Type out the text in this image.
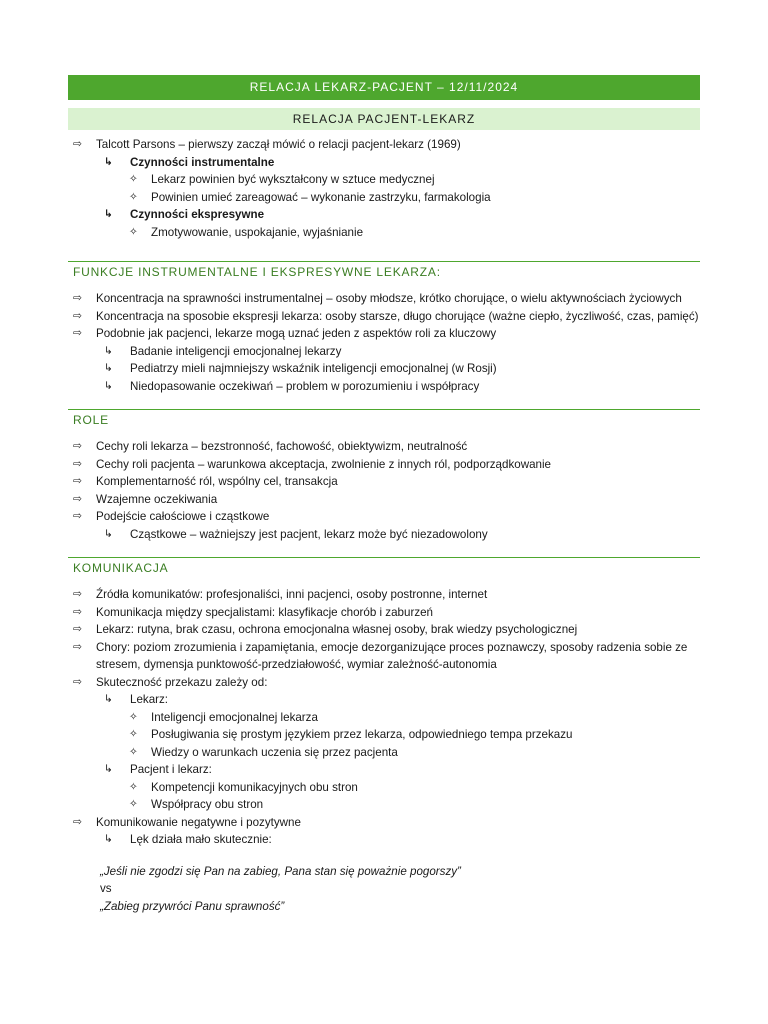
RELACJA LEKARZ-PACJENT – 12/11/2024
RELACJA PACJENT-LEKARZ
⇨ Talcott Parsons – pierwszy zaczął mówić o relacji pacjent-lekarz (1969)
↳ Czynności instrumentalne
✧ Lekarz powinien być wykształcony w sztuce medycznej
✧ Powinien umieć zareagować – wykonanie zastrzyku, farmakologia
↳ Czynności ekspresywne
✧ Zmotywowanie, uspokajanie, wyjaśnianie
FUNKCJE INSTRUMENTALNE I EKSPRESYWNE LEKARZA:
⇨ Koncentracja na sprawności instrumentalnej – osoby młodsze, krótko chorujące, o wielu aktywnościach życiowych
⇨ Koncentracja na sposobie ekspresji lekarza: osoby starsze, długo chorujące (ważne ciepło, życzliwość, czas, pamięć)
⇨ Podobnie jak pacjenci, lekarze mogą uznać jeden z aspektów roli za kluczowy
↳ Badanie inteligencji emocjonalnej lekarzy
↳ Pediatrzy mieli najmniejszy wskaźnik inteligencji emocjonalnej (w Rosji)
↳ Niedopasowanie oczekiwań – problem w porozumieniu i współpracy
ROLE
⇨ Cechy roli lekarza – bezstronność, fachowość, obiektywizm, neutralność
⇨ Cechy roli pacjenta – warunkowa akceptacja, zwolnienie z innych ról, podporządkowanie
⇨ Komplementarność ról, wspólny cel, transakcja
⇨ Wzajemne oczekiwania
⇨ Podejście całościowe i cząstkowe
↳ Cząstkowe – ważniejszy jest pacjent, lekarz może być niezadowolony
KOMUNIKACJA
⇨ Źródła komunikatów: profesjonaliści, inni pacjenci, osoby postronne, internet
⇨ Komunikacja między specjalistami: klasyfikacje chorób i zaburzeń
⇨ Lekarz: rutyna, brak czasu, ochrona emocjonalna własnej osoby, brak wiedzy psychologicznej
⇨ Chory: poziom zrozumienia i zapamiętania, emocje dezorganizujące proces poznawczy, sposoby radzenia sobie ze stresem, dymensja punktowość-przedziałowość, wymiar zależność-autonomia
⇨ Skuteczność przekazu zależy od:
↳ Lekarz:
✧ Inteligencji emocjonalnej lekarza
✧ Posługiwania się prostym językiem przez lekarza, odpowiedniego tempa przekazu
✧ Wiedzy o warunkach uczenia się przez pacjenta
↳ Pacjent i lekarz:
✧ Kompetencji komunikacyjnych obu stron
✧ Współpracy obu stron
⇨ Komunikowanie negatywne i pozytywne
↳ Lęk działa mało skutecznie:
„Jeśli nie zgodzi się Pan na zabieg, Pana stan się poważnie pogorszy”
vs
„Zabieg przywróci Panu sprawność”
